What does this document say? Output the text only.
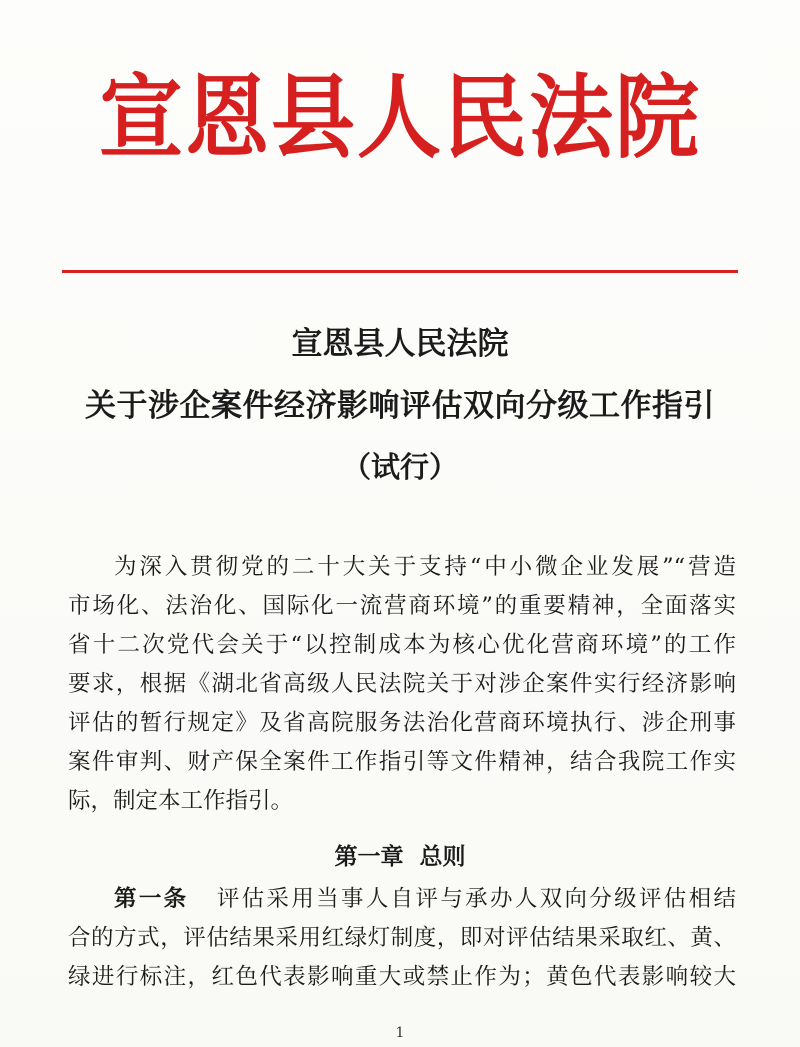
宣恩县人民法院
宣恩县人民法院
关于涉企案件经济影响评估双向分级工作指引
（试行）
为深入贯彻党的二十大关于支持“中小微企业发展”“营造
市场化、法治化、国际化一流营商环境”的重要精神，全面落实
省十二次党代会关于“以控制成本为核心优化营商环境”的工作
要求，根据《湖北省高级人民法院关于对涉企案件实行经济影响
评估的暂行规定》及省高院服务法治化营商环境执行、涉企刑事
案件审判、财产保全案件工作指引等文件精神，结合我院工作实
际，制定本工作指引。
第一章 总则
第一条 评估采用当事人自评与承办人双向分级评估相结
合的方式，评估结果采用红绿灯制度，即对评估结果采取红、黄、
绿进行标注，红色代表影响重大或禁止作为；黄色代表影响较大
1
